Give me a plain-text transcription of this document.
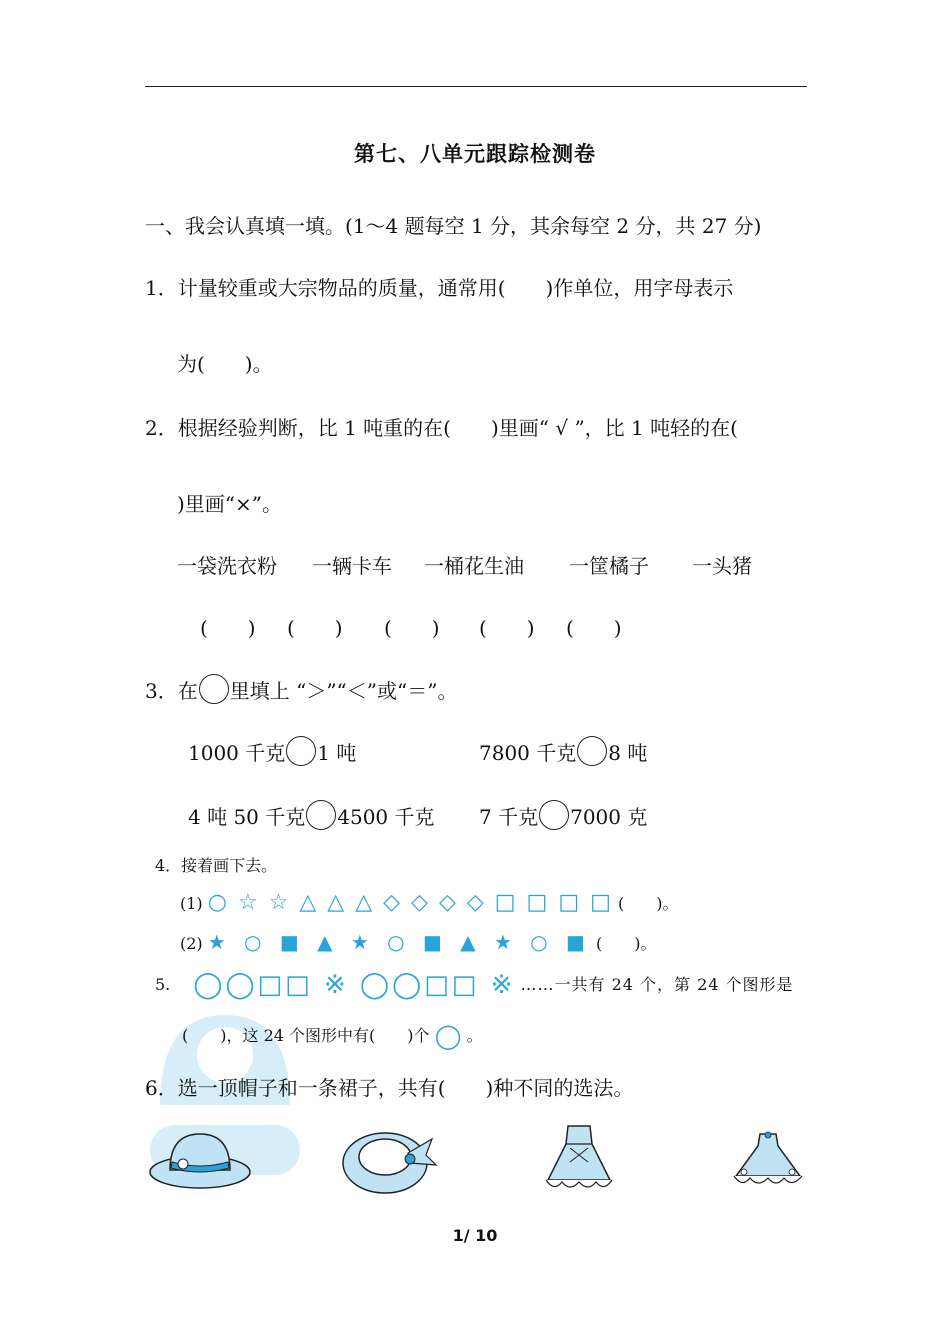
第七、八单元跟踪检测卷
一、我会认真填一填。(1～4 题每空 1 分，其余每空 2 分，共 27 分)
1．计量较重或大宗物品的质量，通常用(　　)作单位，用字母表示
为(　　)。
2．根据经验判断，比 1 吨重的在(　　)里画“ √ ”，比 1 吨轻的在(
)里画“×”。
一袋洗衣粉 一辆卡车 一桶花生油 一筐橘子 一头猪
(　　) (　　) (　　) (　　) (　　)
3．在 里填上 “＞”“＜”或“＝”。
1000 千克 1 吨	7800 千克 8 吨
4 吨 50 千克 4500 千克 7 千克 7000 克
4．接着画下去。
(1) ○ ☆ ☆ △ △ △ ◇ ◇ ◇ ◇ □ □ □ □ (　　)。
(2) ★ ○ ■ ▲ ★ ○ ■ ▲ ★ ○ ■ (　　)。
5. ◯◯□□ ※ ◯◯□□ ※ ……一共有 24 个，第 24 个图形是
(　　)，这 24 个图形中有(　　)个 ◯ 。
6．选一顶帽子和一条裙子，共有(　　)种不同的选法。
1/ 10
